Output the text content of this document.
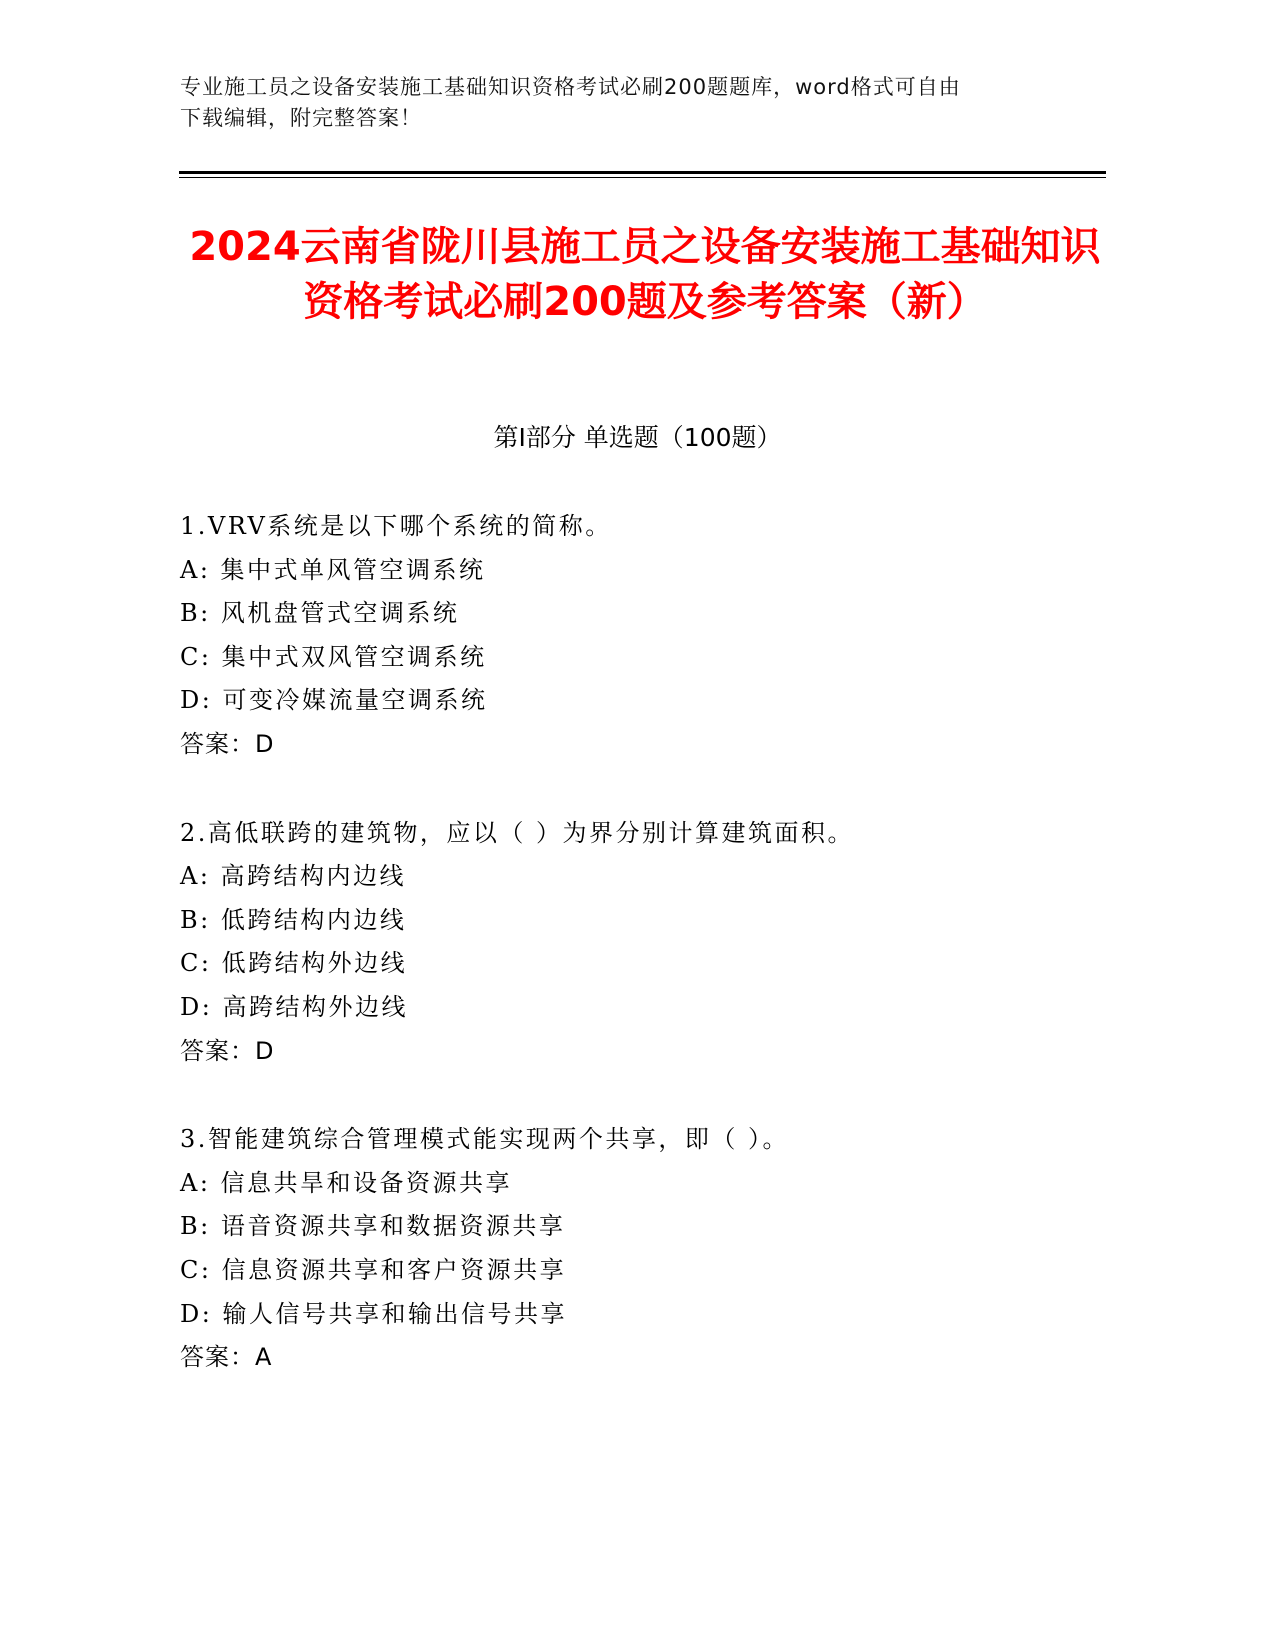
专业施工员之设备安装施工基础知识资格考试必刷200题题库，word格式可自由
下载编辑，附完整答案！
2024云南省陇川县施工员之设备安装施工基础知识资格考试必刷200题及参考答案（新）
第Ⅰ部分 单选题（100题）
1.VRV系统是以下哪个系统的简称。
A: 集中式单风管空调系统
B: 风机盘管式空调系统
C: 集中式双风管空调系统
D: 可变冷媒流量空调系统
答案：D
2.高低联跨的建筑物，应以（ ）为界分别计算建筑面积。
A: 高跨结构内边线
B: 低跨结构内边线
C: 低跨结构外边线
D: 高跨结构外边线
答案：D
3.智能建筑综合管理模式能实现两个共享，即（ ）。
A: 信息共旱和设备资源共享
B: 语音资源共享和数据资源共享
C: 信息资源共享和客户资源共享
D: 输人信号共享和输出信号共享
答案：A
